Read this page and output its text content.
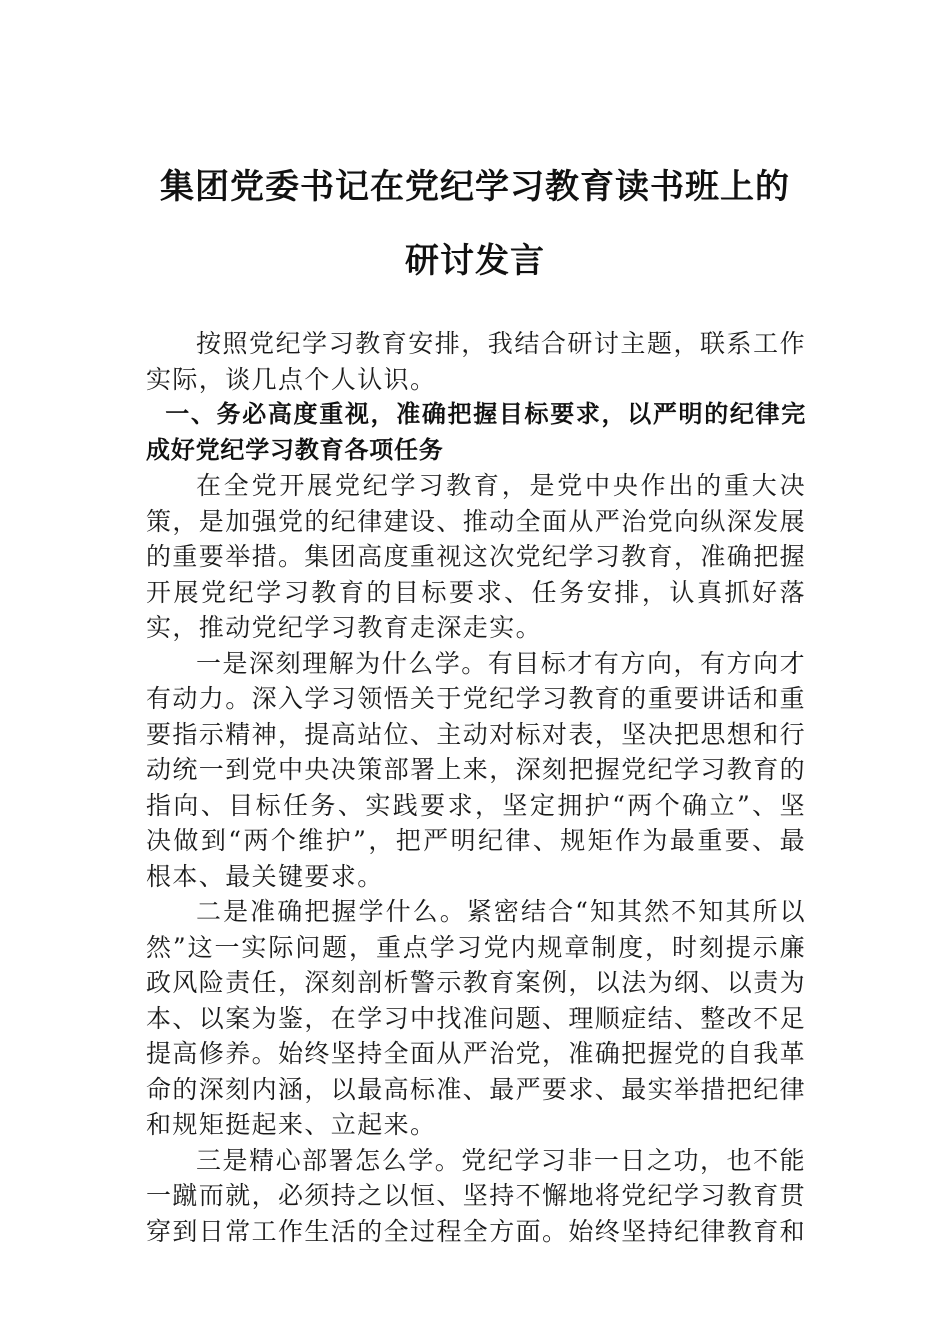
集团党委书记在党纪学习教育读书班上的
研讨发言

按照党纪学习教育安排，我结合研讨主题，联系工作实际，谈几点个人认识。

一、务必高度重视，准确把握目标要求，以严明的纪律完成好党纪学习教育各项任务

在全党开展党纪学习教育，是党中央作出的重大决策，是加强党的纪律建设、推动全面从严治党向纵深发展的重要举措。集团高度重视这次党纪学习教育，准确把握开展党纪学习教育的目标要求、任务安排，认真抓好落实，推动党纪学习教育走深走实。

一是深刻理解为什么学。有目标才有方向，有方向才有动力。深入学习领悟关于党纪学习教育的重要讲话和重要指示精神，提高站位、主动对标对表，坚决把思想和行动统一到党中央决策部署上来，深刻把握党纪学习教育的指向、目标任务、实践要求，坚定拥护“两个确立”、坚决做到“两个维护”，把严明纪律、规矩作为最重要、最根本、最关键要求。

二是准确把握学什么。紧密结合“知其然不知其所以然”这一实际问题，重点学习党内规章制度，时刻提示廉政风险责任，深刻剖析警示教育案例，以法为纲、以责为本、以案为鉴，在学习中找准问题、理顺症结、整改不足提高修养。始终坚持全面从严治党，准确把握党的自我革命的深刻内涵，以最高标准、最严要求、最实举措把纪律和规矩挺起来、立起来。

三是精心部署怎么学。党纪学习非一日之功，也不能一蹴而就，必须持之以恒、坚持不懈地将党纪学习教育贯穿到日常工作生活的全过程全方面。始终坚持纪律教育和
